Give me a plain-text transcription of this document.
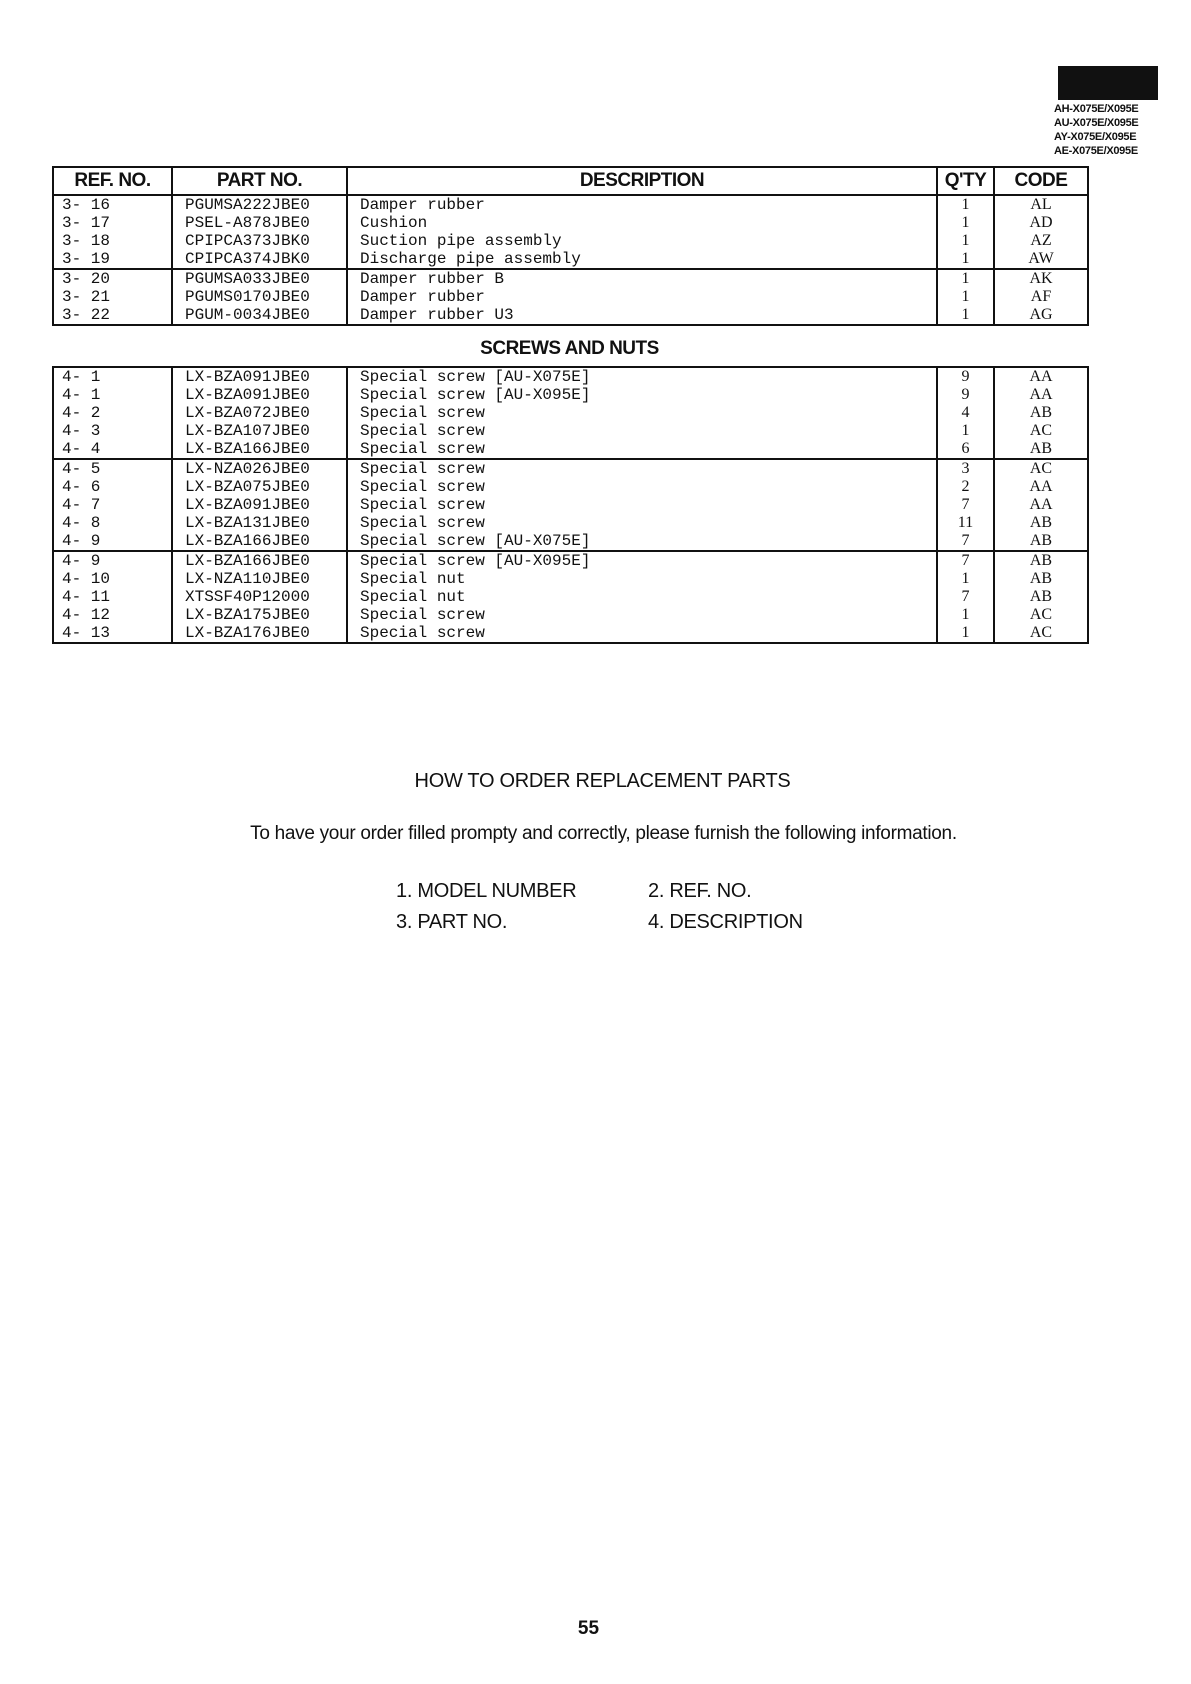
AH-X075E/X095E
AU-X075E/X095E
AY-X075E/X095E
AE-X075E/X095E
REF. NO.	PART NO.	DESCRIPTION	Q'TY	CODE
3- 16	PGUMSA222JBE0	Damper rubber	1	AL
3- 17	PSEL-A878JBE0	Cushion	1	AD
3- 18	CPIPCA373JBK0	Suction pipe assembly	1	AZ
3- 19	CPIPCA374JBK0	Discharge pipe assembly	1	AW
3- 20	PGUMSA033JBE0	Damper rubber B	1	AK
3- 21	PGUMS0170JBE0	Damper rubber	1	AF
3- 22	PGUM-0034JBE0	Damper rubber U3	1	AG
SCREWS AND NUTS
4- 1	LX-BZA091JBE0	Special screw [AU-X075E]	9	AA
4- 1	LX-BZA091JBE0	Special screw [AU-X095E]	9	AA
4- 2	LX-BZA072JBE0	Special screw	4	AB
4- 3	LX-BZA107JBE0	Special screw	1	AC
4- 4	LX-BZA166JBE0	Special screw	6	AB
4- 5	LX-NZA026JBE0	Special screw	3	AC
4- 6	LX-BZA075JBE0	Special screw	2	AA
4- 7	LX-BZA091JBE0	Special screw	7	AA
4- 8	LX-BZA131JBE0	Special screw	11	AB
4- 9	LX-BZA166JBE0	Special screw [AU-X075E]	7	AB
4- 9	LX-BZA166JBE0	Special screw [AU-X095E]	7	AB
4- 10	LX-NZA110JBE0	Special nut	1	AB
4- 11	XTSSF40P12000	Special nut	7	AB
4- 12	LX-BZA175JBE0	Special screw	1	AC
4- 13	LX-BZA176JBE0	Special screw	1	AC
HOW TO ORDER REPLACEMENT PARTS
To have your order filled prompty and correctly, please furnish the following information.
1. MODEL NUMBER	2. REF. NO.
3. PART NO.	4. DESCRIPTION
55
